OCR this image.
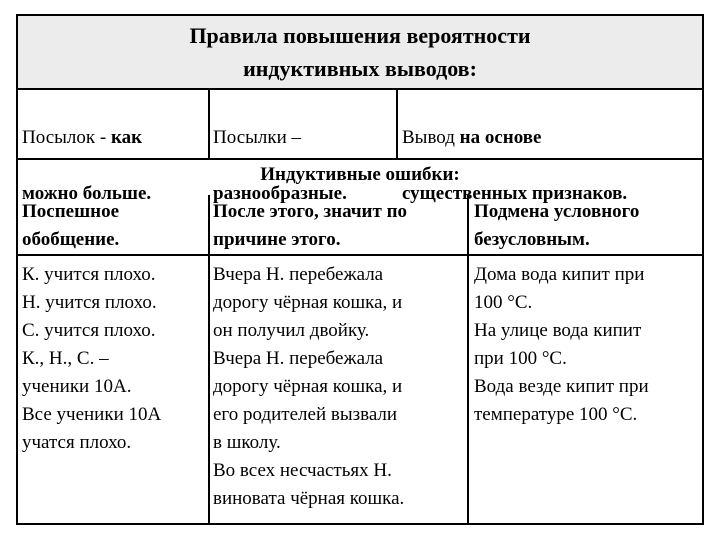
Правила повышения вероятности
индуктивных выводов:

Посылок - как

можно больше.

Посылки –

разнообразные.

Вывод на основе

существенных признаков.

Индуктивные ошибки:
Поспешное
обобщение.
После этого, значит по
причине этого.
Подмена условного
безусловным.
К. учится плохо.
Н. учится плохо.
С. учится плохо.
К., Н., С. –
ученики 10А.
Все ученики 10А
учатся плохо.
Вчера Н. перебежала
дорогу чёрная кошка, и
он получил двойку.
Вчера Н. перебежала
дорогу чёрная кошка, и
его родителей вызвали
в школу.
Во всех несчастьях Н.
виновата чёрная кошка.
Дома вода кипит при
100 °С.
На улице вода кипит
при 100 °С.
Вода везде кипит при
температуре 100 °С.
